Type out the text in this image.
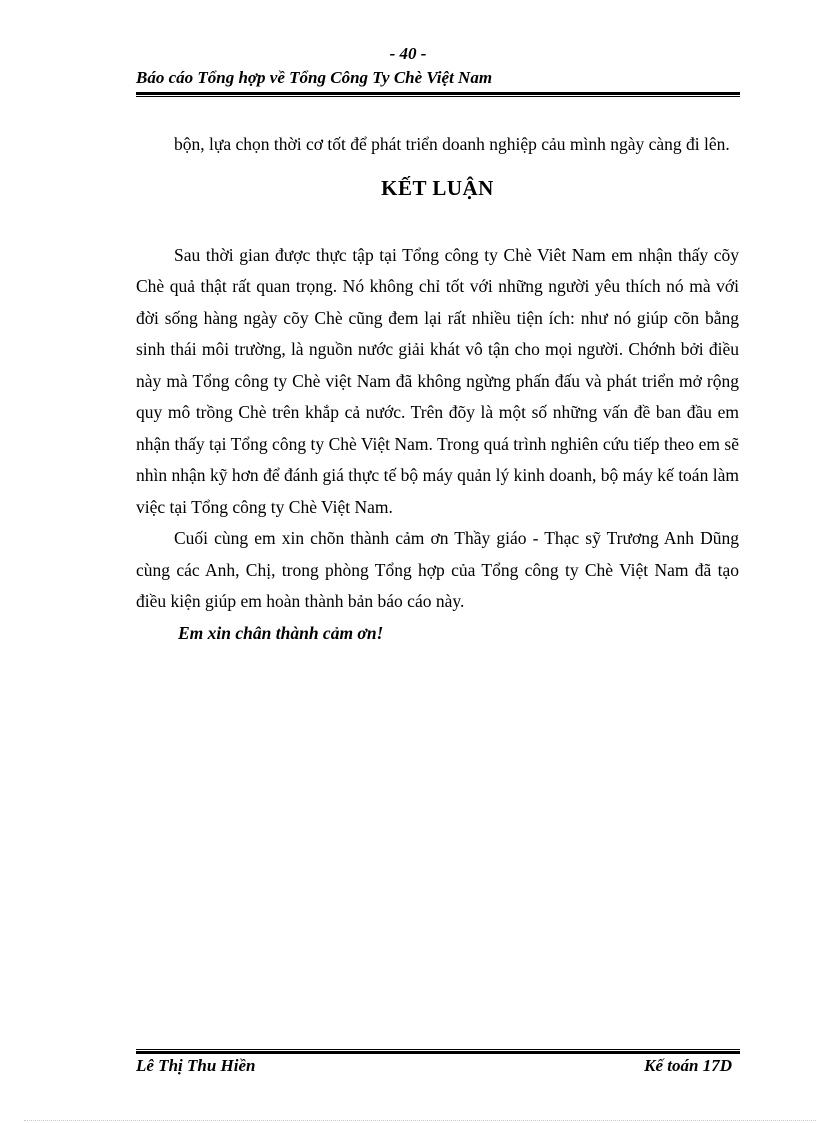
- 40 -
Báo cáo Tổng hợp về Tổng Công Ty Chè Việt Nam

bộn, lựa chọn thời cơ tốt để phát triển doanh nghiệp cảu mình ngày càng đi lên.

KẾT LUẬN

Sau thời gian được thực tập tại Tổng công ty Chè Viêt Nam em nhận thấy cõy Chè quả thật rất quan trọng. Nó không chỉ tốt với những người yêu thích nó mà với đời sống hàng ngày cõy Chè cũng đem lại rất nhiều tiện ích: như nó giúp cõn bằng sinh thái môi trường, là nguồn nước giải khát vô tận cho mọi người. Chớnh bởi điều này mà Tổng công ty Chè việt Nam đã không ngừng phấn đấu và phát triển mở rộng quy mô trồng Chè trên khắp cả nước. Trên đõy là một số những vấn đề ban đầu em nhận thấy tại Tổng công ty Chè Việt Nam. Trong quá trình nghiên cứu tiếp theo em sẽ nhìn nhận kỹ hơn để đánh giá thực tế bộ máy quản lý kinh doanh, bộ máy kế toán làm việc tại Tổng công ty Chè Việt Nam.

Cuối cùng em xin chõn thành cảm ơn Thầy giáo - Thạc sỹ Trương Anh Dũng cùng các Anh, Chị, trong phòng Tổng hợp của Tổng công ty Chè Việt Nam đã tạo điều kiện giúp em hoàn thành bản báo cáo này.

Em xin chân thành cảm ơn!

Lê Thị Thu Hiền	Kế toán 17D
